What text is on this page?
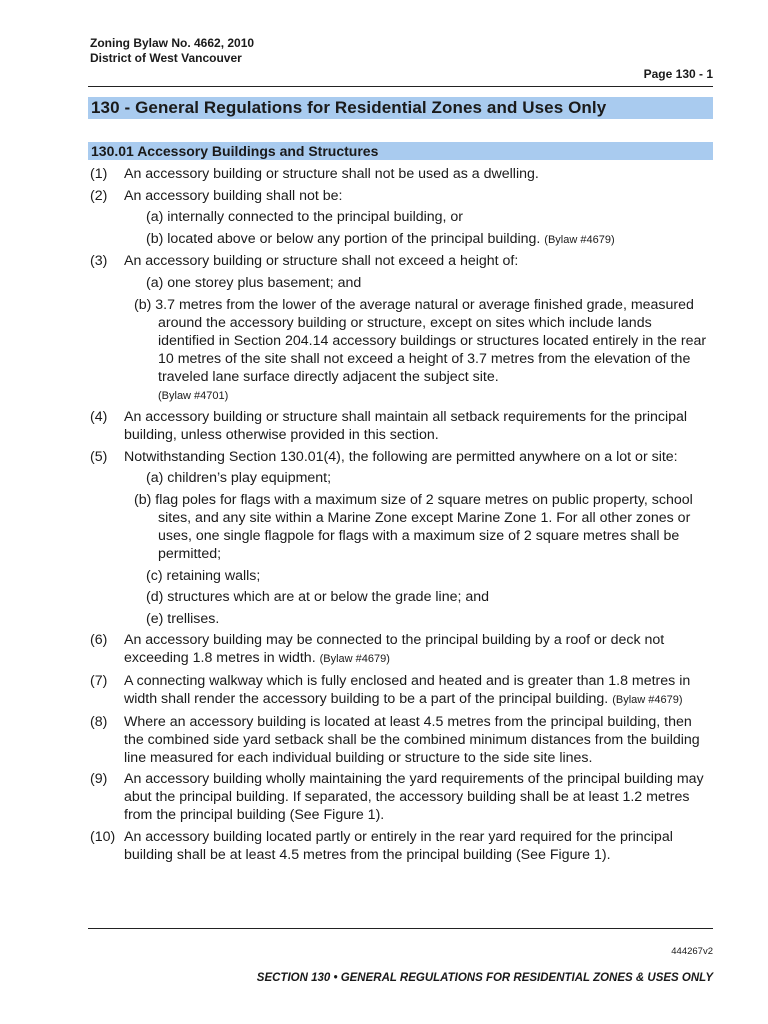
Zoning Bylaw No. 4662, 2010
District of West Vancouver
Page 130 - 1
130 - General Regulations for Residential Zones and Uses Only
130.01 Accessory Buildings and Structures
(1) An accessory building or structure shall not be used as a dwelling.
(2) An accessory building shall not be:
(a) internally connected to the principal building, or
(b) located above or below any portion of the principal building. (Bylaw #4679)
(3) An accessory building or structure shall not exceed a height of:
(a) one storey plus basement; and
(b) 3.7 metres from the lower of the average natural or average finished grade, measured around the accessory building or structure, except on sites which include lands identified in Section 204.14 accessory buildings or structures located entirely in the rear 10 metres of the site shall not exceed a height of 3.7 metres from the elevation of the traveled lane surface directly adjacent the subject site.
(Bylaw #4701)
(4) An accessory building or structure shall maintain all setback requirements for the principal building, unless otherwise provided in this section.
(5) Notwithstanding Section 130.01(4), the following are permitted anywhere on a lot or site:
(a) children’s play equipment;
(b) flag poles for flags with a maximum size of 2 square metres on public property, school sites, and any site within a Marine Zone except Marine Zone 1. For all other zones or uses, one single flagpole for flags with a maximum size of 2 square metres shall be permitted;
(c) retaining walls;
(d) structures which are at or below the grade line; and
(e) trellises.
(6) An accessory building may be connected to the principal building by a roof or deck not exceeding 1.8 metres in width. (Bylaw #4679)
(7) A connecting walkway which is fully enclosed and heated and is greater than 1.8 metres in width shall render the accessory building to be a part of the principal building. (Bylaw #4679)
(8) Where an accessory building is located at least 4.5 metres from the principal building, then the combined side yard setback shall be the combined minimum distances from the building line measured for each individual building or structure to the side site lines.
(9) An accessory building wholly maintaining the yard requirements of the principal building may abut the principal building. If separated, the accessory building shall be at least 1.2 metres from the principal building (See Figure 1).
(10) An accessory building located partly or entirely in the rear yard required for the principal building shall be at least 4.5 metres from the principal building (See Figure 1).
444267v2
SECTION 130 • GENERAL REGULATIONS FOR RESIDENTIAL ZONES & USES ONLY
